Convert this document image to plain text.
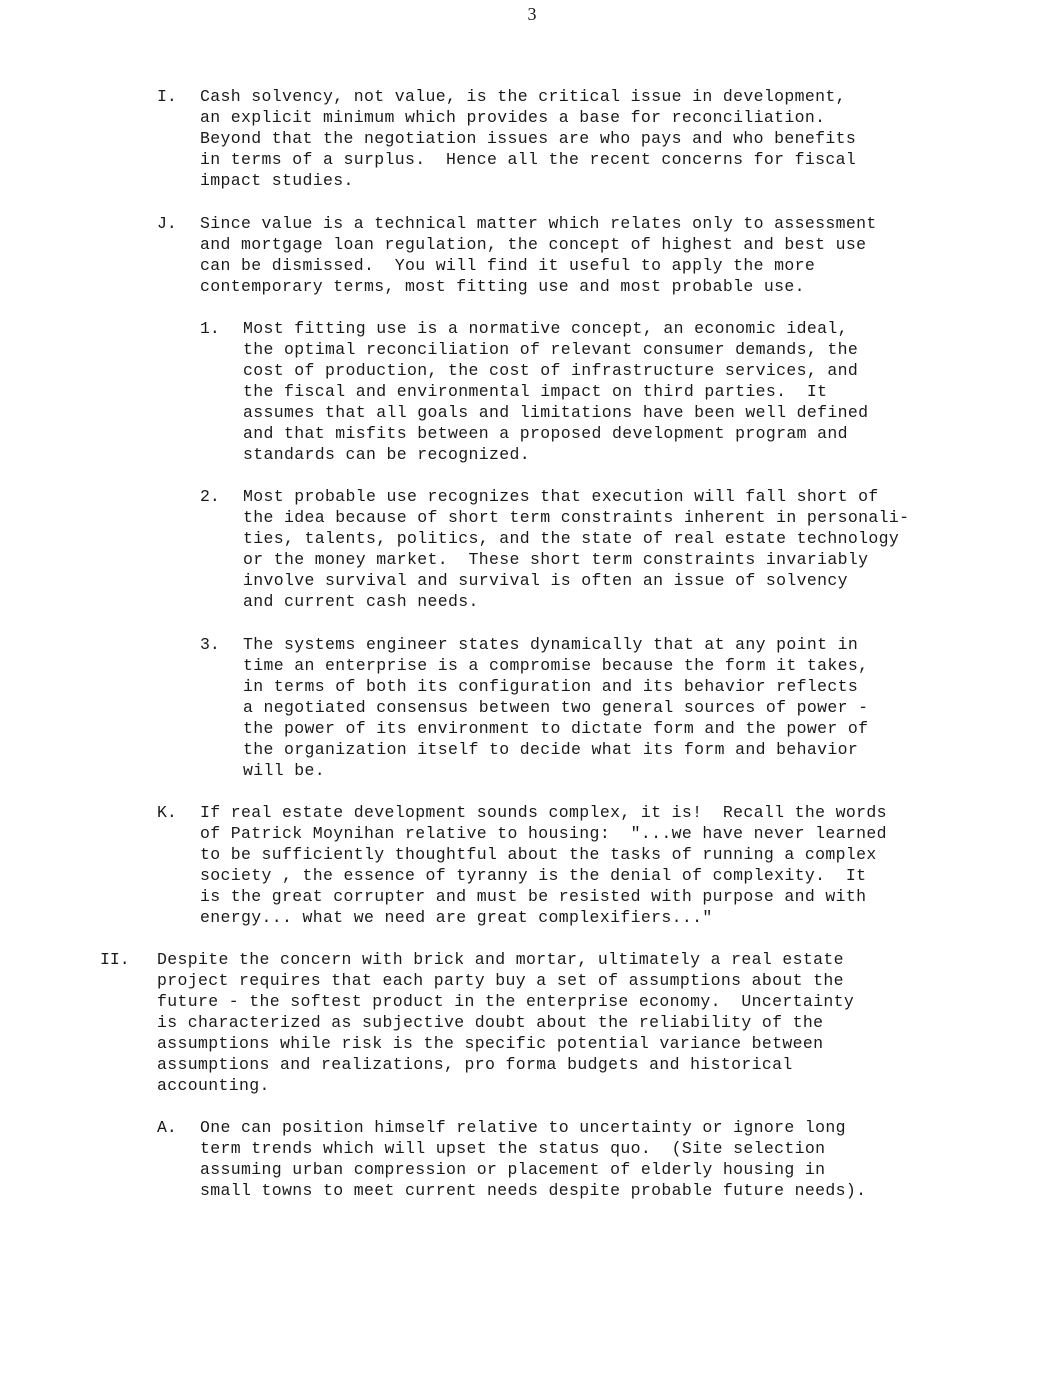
3
I.	Cash solvency, not value, is the critical issue in development,
an explicit minimum which provides a base for reconciliation.
Beyond that the negotiation issues are who pays and who benefits
in terms of a surplus.  Hence all the recent concerns for fiscal
impact studies.
J.	Since value is a technical matter which relates only to assessment
and mortgage loan regulation, the concept of highest and best use
can be dismissed.  You will find it useful to apply the more
contemporary terms, most fitting use and most probable use.
1.	Most fitting use is a normative concept, an economic ideal,
the optimal reconciliation of relevant consumer demands, the
cost of production, the cost of infrastructure services, and
the fiscal and environmental impact on third parties.  It
assumes that all goals and limitations have been well defined
and that misfits between a proposed development program and
standards can be recognized.
2.	Most probable use recognizes that execution will fall short of
the idea because of short term constraints inherent in personali-
ties, talents, politics, and the state of real estate technology
or the money market.  These short term constraints invariably
involve survival and survival is often an issue of solvency
and current cash needs.
3.	The systems engineer states dynamically that at any point in
time an enterprise is a compromise because the form it takes,
in terms of both its configuration and its behavior reflects
a negotiated consensus between two general sources of power -
the power of its environment to dictate form and the power of
the organization itself to decide what its form and behavior
will be.
K.	If real estate development sounds complex, it is!  Recall the words
of Patrick Moynihan relative to housing:  "...we have never learned
to be sufficiently thoughtful about the tasks of running a complex
society , the essence of tyranny is the denial of complexity.  It
is the great corrupter and must be resisted with purpose and with
energy... what we need are great complexifiers..."
II.	Despite the concern with brick and mortar, ultimately a real estate
project requires that each party buy a set of assumptions about the
future - the softest product in the enterprise economy.  Uncertainty
is characterized as subjective doubt about the reliability of the
assumptions while risk is the specific potential variance between
assumptions and realizations, pro forma budgets and historical
accounting.
A.	One can position himself relative to uncertainty or ignore long
term trends which will upset the status quo.  (Site selection
assuming urban compression or placement of elderly housing in
small towns to meet current needs despite probable future needs).
